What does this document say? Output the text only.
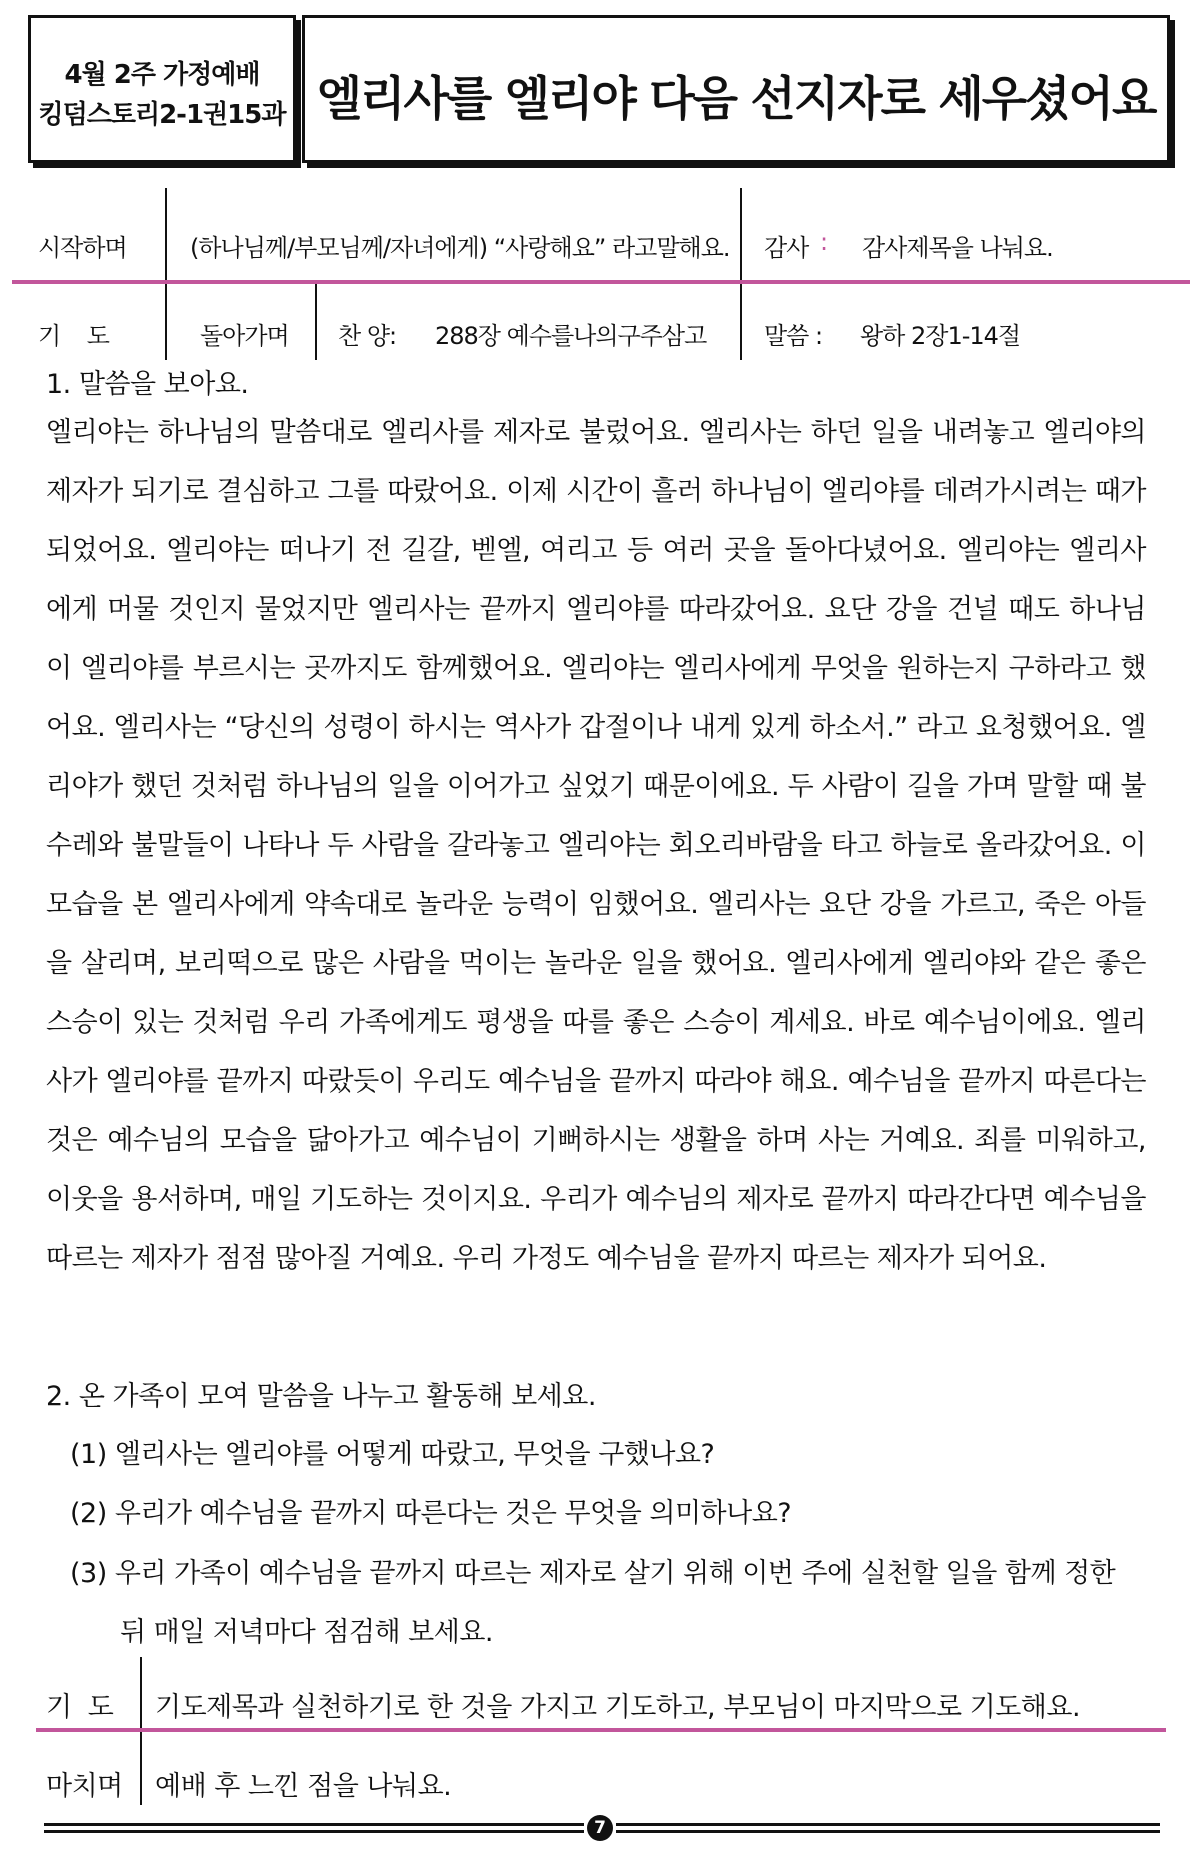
4월 2주 가정예배
킹덤스토리2-1권15과 엘리사를 엘리야 다음 선지자로 세우셨어요
시작하며	(하나님께/부모님께/자녀에게) “사랑해요” 라고말해요. 감사 : 감사제목을 나눠요.
기    도	돌아가며 찬 양: 288장 예수를나의구주삼고 말씀 : 왕하 2장1-14절
1. 말씀을 보아요.
엘리야는 하나님의 말씀대로 엘리사를 제자로 불렀어요. 엘리사는 하던 일을 내려놓고 엘리야의 제자가 되기로 결심하고 그를 따랐어요. 이제 시간이 흘러 하나님이 엘리야를 데려가시려는 때가 되었어요. 엘리야는 떠나기 전 길갈, 벧엘, 여리고 등 여러 곳을 돌아다녔어요. 엘리야는 엘리사에게 머물 것인지 물었지만 엘리사는 끝까지 엘리야를 따라갔어요. 요단 강을 건널 때도 하나님이 엘리야를 부르시는 곳까지도 함께했어요. 엘리야는 엘리사에게 무엇을 원하는지 구하라고 했어요. 엘리사는 “당신의 성령이 하시는 역사가 갑절이나 내게 있게 하소서.” 라고 요청했어요. 엘리야가 했던 것처럼 하나님의 일을 이어가고 싶었기 때문이에요. 두 사람이 길을 가며 말할 때 불수레와 불말들이 나타나 두 사람을 갈라놓고 엘리야는 회오리바람을 타고 하늘로 올라갔어요. 이 모습을 본 엘리사에게 약속대로 놀라운 능력이 임했어요. 엘리사는 요단 강을 가르고, 죽은 아들을 살리며, 보리떡으로 많은 사람을 먹이는 놀라운 일을 했어요. 엘리사에게 엘리야와 같은 좋은 스승이 있는 것처럼 우리 가족에게도 평생을 따를 좋은 스승이 계세요. 바로 예수님이에요. 엘리사가 엘리야를 끝까지 따랐듯이 우리도 예수님을 끝까지 따라야 해요. 예수님을 끝까지 따른다는 것은 예수님의 모습을 닮아가고 예수님이 기뻐하시는 생활을 하며 사는 거예요. 죄를 미워하고, 이웃을 용서하며, 매일 기도하는 것이지요. 우리가 예수님의 제자로 끝까지 따라간다면 예수님을 따르는 제자가 점점 많아질 거예요. 우리 가정도 예수님을 끝까지 따르는 제자가 되어요.
2. 온 가족이 모여 말씀을 나누고 활동해 보세요.
(1) 엘리사는 엘리야를 어떻게 따랐고, 무엇을 구했나요?
(2) 우리가 예수님을 끝까지 따른다는 것은 무엇을 의미하나요?
(3) 우리 가족이 예수님을 끝까지 따르는 제자로 살기 위해 이번 주에 실천할 일을 함께 정한
뒤 매일 저녁마다 점검해 보세요.
기  도 기도제목과 실천하기로 한 것을 가지고 기도하고, 부모님이 마지막으로 기도해요.
마치며 예배 후 느낀 점을 나눠요.
7
